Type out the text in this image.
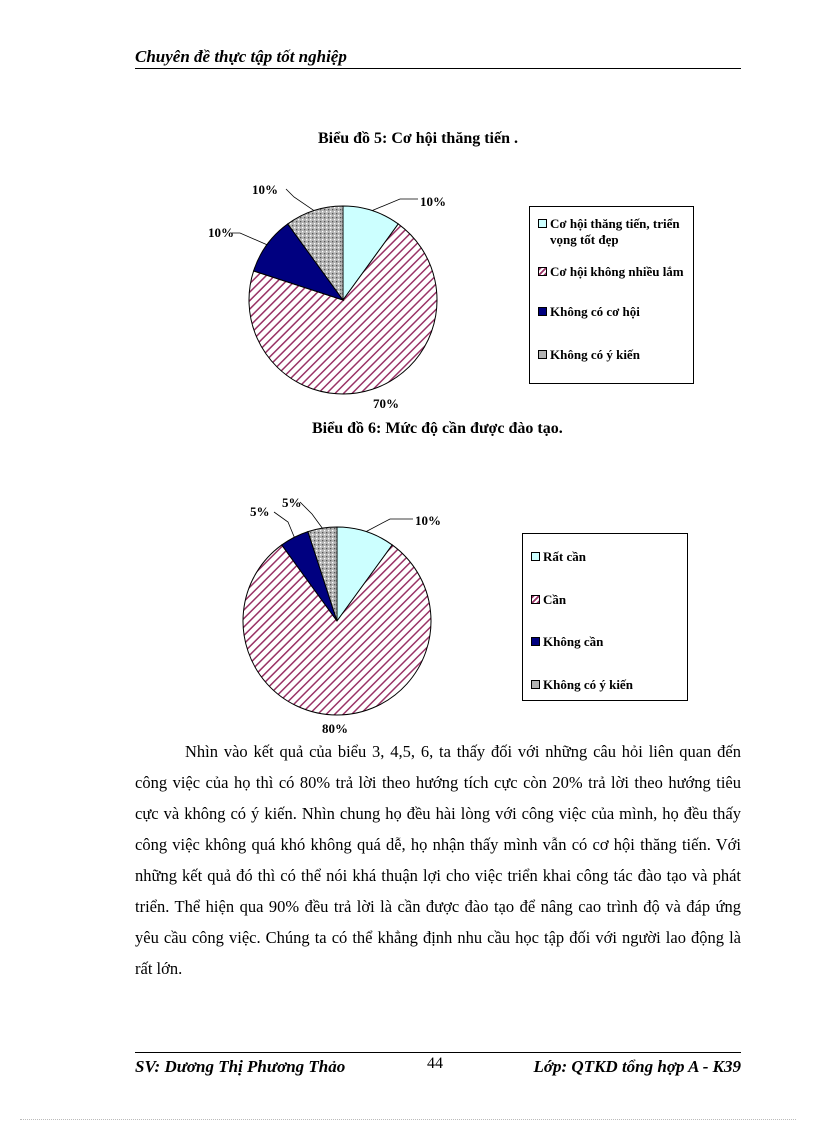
Chuyên đề thực tập tốt nghiệp
Biểu đồ 5: Cơ hội thăng tiến .
10%
70%
10%
10%
Cơ hội thăng tiến, triển vọng tốt đẹp
Cơ hội không nhiều lắm
Không có cơ hội
Không có ý kiến
Biểu đồ 6: Mức độ cần được đào tạo.
10%
80%
5%
5%
Rất cần
Cần
Không cần
Không có ý kiến

Nhìn vào kết quả của biểu 3, 4,5, 6, ta thấy đối với những câu hỏi liên quan đến công việc của họ thì có 80% trả lời theo hướng tích cực còn 20% trả lời theo hướng tiêu cực và không có ý kiến. Nhìn chung họ đều hài lòng với công việc của mình, họ đều thấy công việc không quá khó không quá dễ, họ nhận thấy mình vẫn có cơ hội thăng tiến. Với những kết quả đó thì có thể nói khá thuận lợi cho việc triển khai công tác đào tạo và phát triển. Thể hiện qua 90% đều trả lời là cần được đào tạo để nâng cao trình độ và đáp ứng yêu cầu công việc. Chúng ta có thể khẳng định nhu cầu học tập đối với người lao động là rất lớn.

SV: Dương Thị Phương Thảo	44	Lớp: QTKD tổng hợp A - K39
